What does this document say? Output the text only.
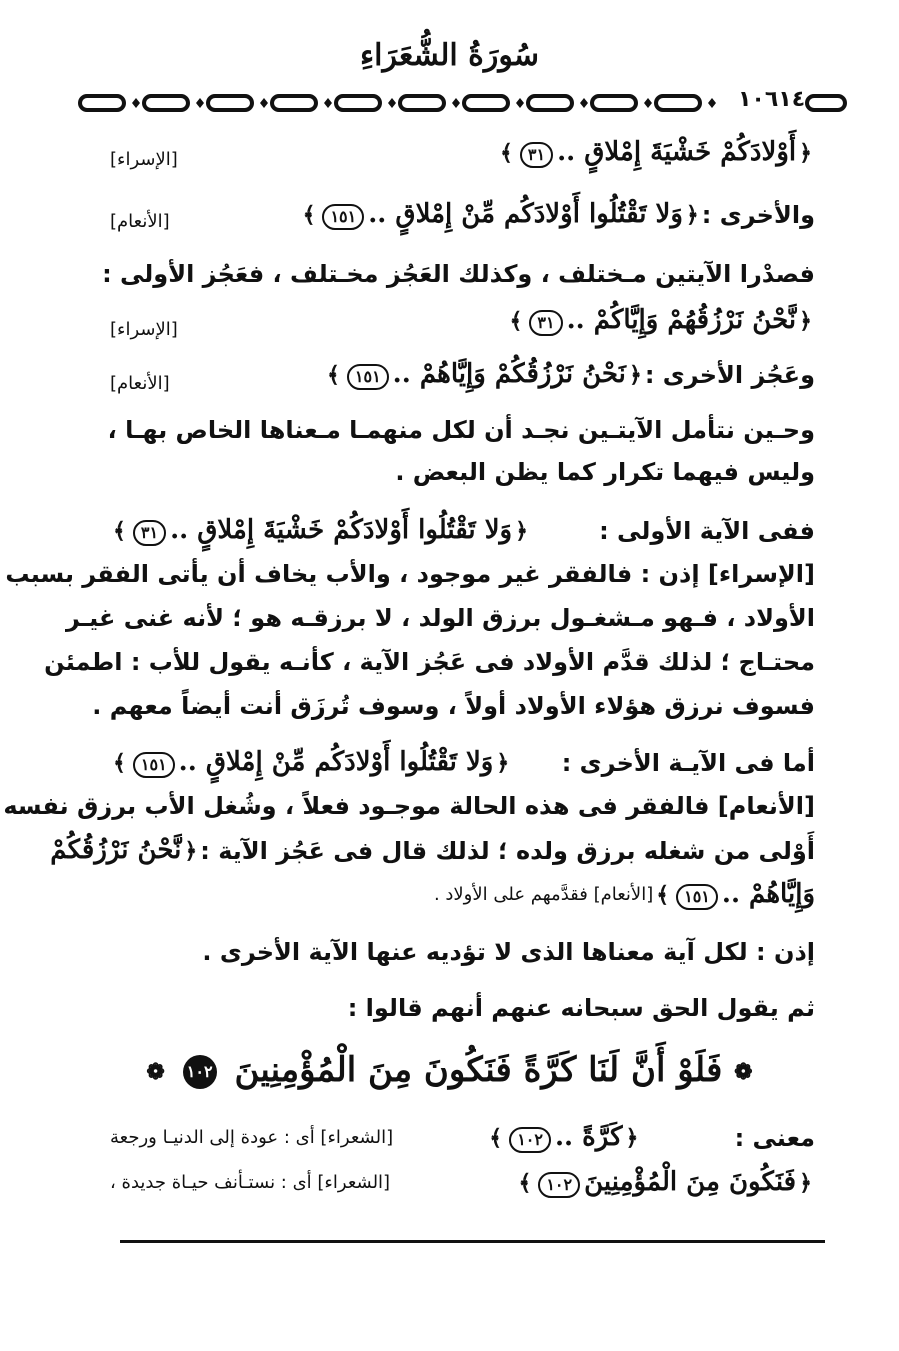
سُورَةُ الشُّعَرَاءِ
١٠٦١٤
﴿أَوْلادَكُمْ خَشْيَةَ إِمْلاقٍ ..٣١﴾
[الإسراء]
والأخرى :
﴿وَلا تَقْتُلُوا أَوْلادَكُم مِّنْ إِمْلاقٍ ..١٥١﴾
[الأنعام]
فصدْرا الآيتين مـختلف ، وكذلك العَجُز مخـتلف ، فعَجُز الأولى :
﴿نَّحْنُ نَرْزُقُهُمْ وَإِيَّاكُمْ ..٣١﴾
[الإسراء]
وعَجُز الأخرى :
﴿نَحْنُ نَرْزُقُكُمْ وَإِيَّاهُمْ ..١٥١﴾
[الأنعام]
وحـين نتأمل الآيتـين نجـد أن لكل منهمـا مـعناها الخاص بهـا ،
وليس فيهما تكرار كما يظن البعض .
ففى الآية الأولى :
﴿وَلا تَقْتُلُوا أَوْلادَكُمْ خَشْيَةَ إِمْلاقٍ ..٣١﴾
[الإسراء] إذن : فالفقر غير موجود ، والأب يخاف أن يأتى الفقر بسبب
الأولاد ، فـهو مـشغـول برزق الولد ، لا برزقـه هو ؛ لأنه غنى غيـر
محتـاج ؛ لذلك قدَّم الأولاد فى عَجُز الآية ، كأنـه يقول للأب : اطمئن
فسوف نرزق هؤلاء الأولاد أولاً ، وسوف تُرزَق أنت أيضاً معهم .
أما فى الآيـة الأخرى :
﴿وَلا تَقْتُلُوا أَوْلادَكُم مِّنْ إِمْلاقٍ ..١٥١﴾
[الأنعام] فالفقر فى هذه الحالة موجـود فعلاً ، وشُغل الأب برزق نفسه
أَوْلى من شغله برزق ولده ؛ لذلك قال فى عَجُز الآية :
﴿نَّحْنُ نَرْزُقُكُمْ
وَإِيَّاهُمْ ..١٥١﴾
[الأنعام] فقدَّمهم على الأولاد .
إذن : لكل آية معناها الذى لا تؤديه عنها الآية الأخرى .
ثم يقول الحق سبحانه عنهم أنهم قالوا :
معنى :
﴿كَرَّةً ..١٠٢﴾
[الشعراء] أى : عودة إلى الدنيـا ورجعة
﴿فَنَكُونَ مِنَ الْمُؤْمِنِينَ١٠٢﴾
[الشعراء] أى : نستـأنف حيـاة جديدة ،
❁ فَلَوْ أَنَّ لَنَا كَرَّةً فَنَكُونَ مِنَ الْمُؤْمِنِينَ ١٠٢ ❁
